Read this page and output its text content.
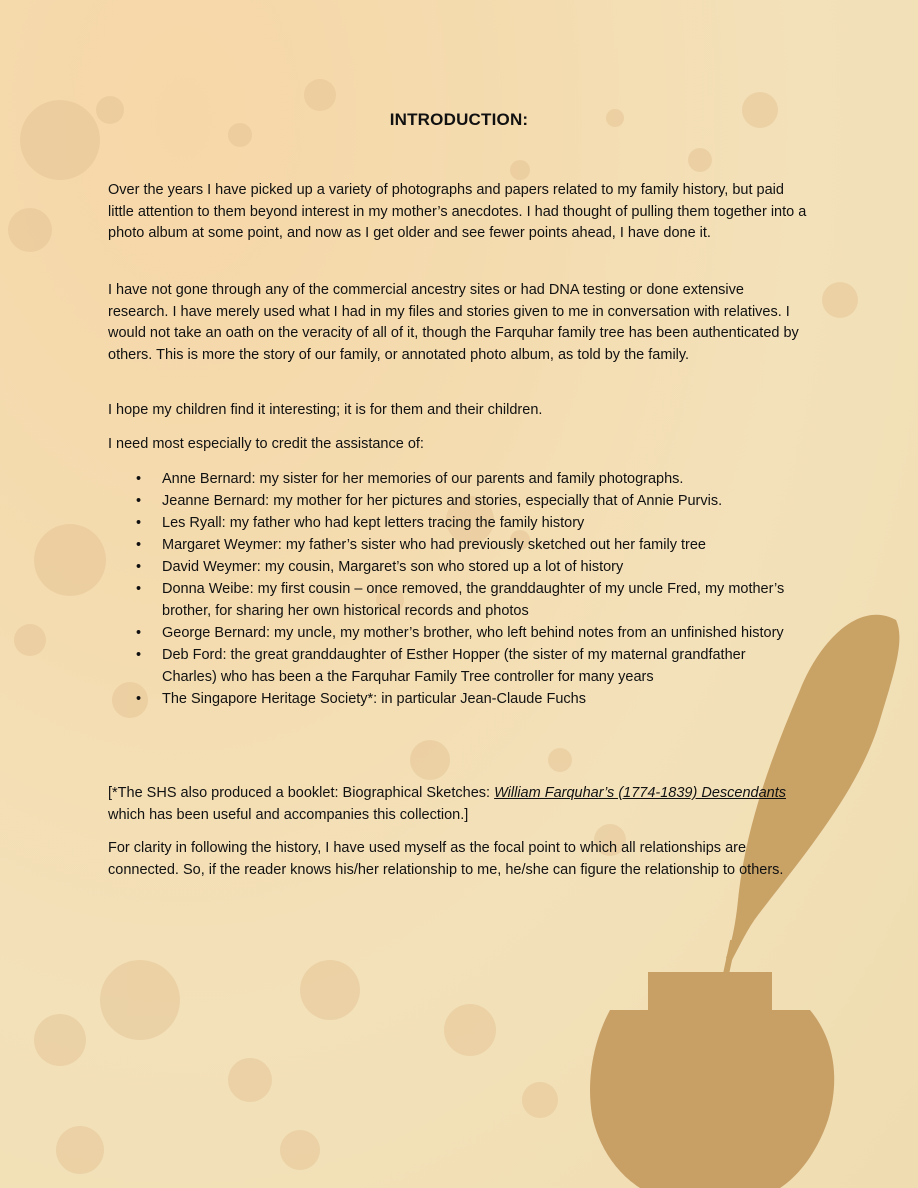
INTRODUCTION:

Over the years I have picked up a variety of photographs and papers related to my family history, but paid little attention to them beyond interest in my mother’s anecdotes. I had thought of pulling them together into a photo album at some point, and now as I get older and see fewer points ahead, I have done it.

I have not gone through any of the commercial ancestry sites or had DNA testing or done extensive research. I have merely used what I had in my files and stories given to me in conversation with relatives. I would not take an oath on the veracity of all of it, though the Farquhar family tree has been authenticated by others. This is more the story of our family, or annotated photo album, as told by the family.

I hope my children find it interesting; it is for them and their children.

I need most especially to credit the assistance of:

• Anne Bernard: my sister for her memories of our parents and family photographs.
• Jeanne Bernard: my mother for her pictures and stories, especially that of Annie Purvis.
• Les Ryall: my father who had kept letters tracing the family history
• Margaret Weymer: my father’s sister who had previously sketched out her family tree
• David Weymer: my cousin, Margaret’s son who stored up a lot of history
• Donna Weibe: my first cousin – once removed, the granddaughter of my uncle Fred, my mother’s brother, for sharing her own historical records and photos
• George Bernard: my uncle, my mother’s brother, who left behind notes from an unfinished history
• Deb Ford: the great granddaughter of Esther Hopper (the sister of my maternal grandfather Charles) who has been a the Farquhar Family Tree controller for many years
• The Singapore Heritage Society*: in particular Jean-Claude Fuchs

[*The SHS also produced a booklet: Biographical Sketches: William Farquhar’s (1774-1839) Descendants which has been useful and accompanies this collection.]

For clarity in following the history, I have used myself as the focal point to which all relationships are connected. So, if the reader knows his/her relationship to me, he/she can figure the relationship to others.
